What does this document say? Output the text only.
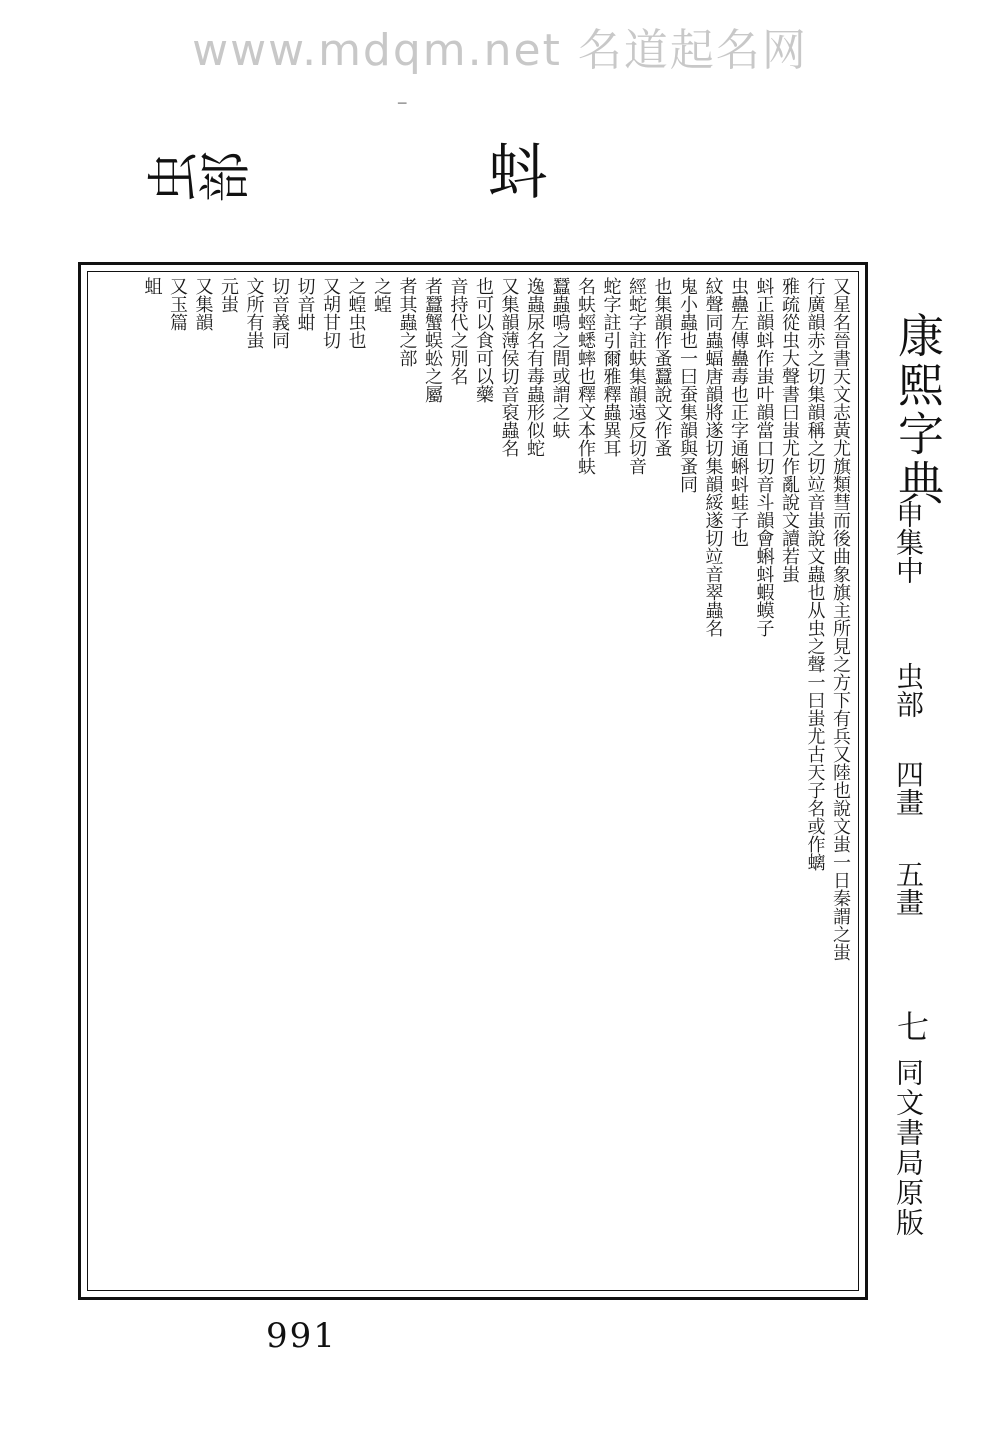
www.mdqm.net 名道起名网
─
虫部	蚪
又星名晉書天文志黃尤旗類彗而後曲象旗主所見之方下有兵又陸也說文蚩一日秦謂之蚩
行廣韻赤之切集韻稱之切竝音蚩說文蟲也从虫之聲一曰蚩尤古天子名或作螭
雅疏從虫大聲書曰蚩尤作亂說文讀若蚩
蚪正韻蚪作蚩叶韻當口切音斗韻會蝌蚪蝦蟆子
虫蠱左傳蠱毒也正字通蝌蚪蛙子也
紋聲同蟲蝠唐韻將遂切集韻綏遂切竝音翠蟲名
鬼小蟲也一曰蚕集韻與蚤同
也集韻作蚤蠶說文作蚤
經蛇字註蚨集韻遠反切音
蛇字註引爾雅釋蟲異耳
名蚨蛵蟋蟀也釋文本作蚨
蠶蟲鳴之間或謂之蚨
逸蟲尿名有毒蟲形似蛇
又集韻薄侯切音裒蟲名
也可以食可以藥
音持代之別名
者蠶蟹蜈蚣之屬
者其蟲之部
之蝗
之蝗虫也
又胡甘切
切音蚶
切音義同
文所有蚩
元蚩
又集韻
又玉篇
蛆
康熙字典
申集中
虫部
四畫
五畫
七
同文書局原版
991
